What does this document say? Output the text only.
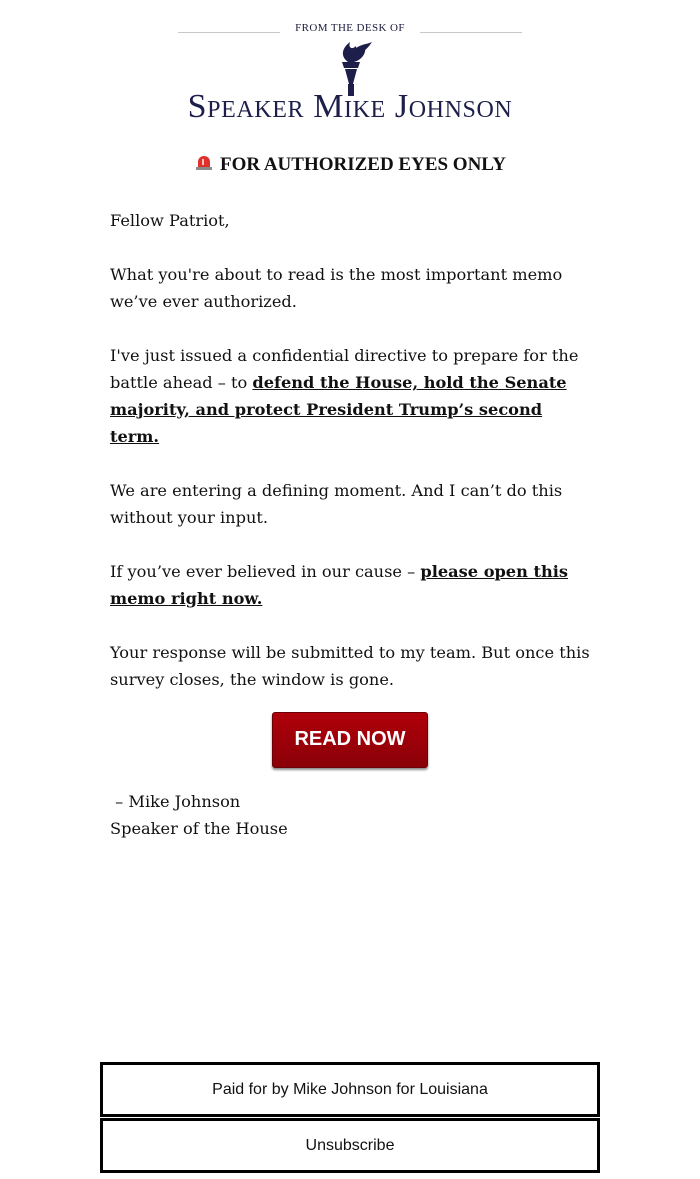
FROM THE DESK OF
Speaker Mike Johnson
FOR AUTHORIZED EYES ONLY

Fellow Patriot,

What you're about to read is the most important memo we’ve ever authorized.

I've just issued a confidential directive to prepare for the battle ahead – to defend the House, hold the Senate majority, and protect President Trump’s second term.

We are entering a defining moment. And I can’t do this without your input.

If you’ve ever believed in our cause – please open this memo right now.

Your response will be submitted to my team. But once this survey closes, the window is gone.

READ NOW
– Mike Johnson
Speaker of the House
Paid for by Mike Johnson for Louisiana
Unsubscribe
